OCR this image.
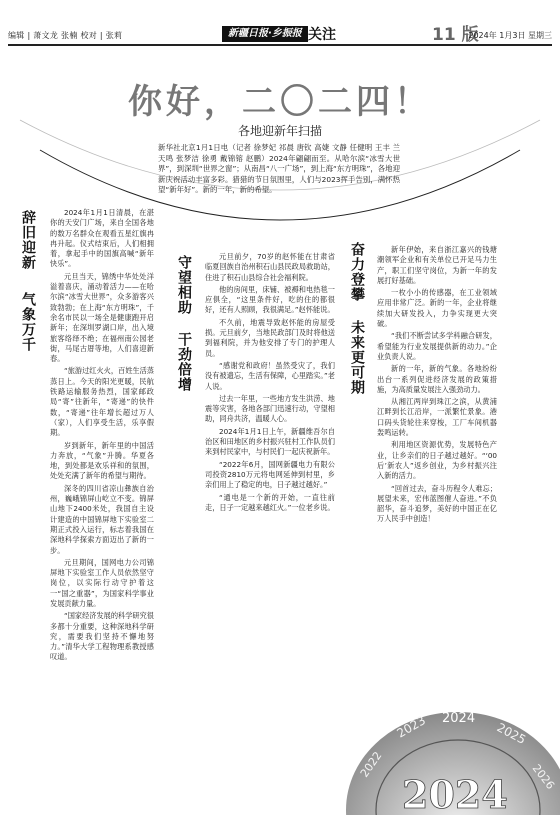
编辑 | 萧文龙 张楠 校对 | 张莉	新疆日报·乡振报 关注	11 版
2024年 1月3日 星期三
你好，二〇二四！
各地迎新年扫描
新华社北京1月1日电（记者 徐梦妃 祁晨 唐钦 高婕 文静 任健明 王丰 兰天鸣 张梦洁 徐勇 戴锦镕 赵鹏）2024年翩翩而至。从哈尔滨“冰雪大世界”，到深圳“世界之窗”；从南昌“八一广场”，到上海“东方明珠”，各地迎新庆祝活动丰富多彩。猎猎的节日氛围里，人们与2023挥手告别，满怀热望“新年好”。新的一年，新的希望。
辞旧迎新
气象万千

2024年1月1日清晨，在湛你的天安门广场，来自全国各地的数万名群众在观看五星红旗冉冉升起。仪式结束后，人们相拥着，拿起手中的国旗高喊“新年快乐”。

元旦当天，锦绣中华处处洋溢着喜庆，涌动着活力——在哈尔滨“冰雪大世界”，众多游客兴致勃勃；在上海“东方明珠”，千余名市民以一场全是健康跑开启新年；在深圳罗湖口岸，出入境旅客络绎不绝；在福州南公园老街，马尾古厝等地，人们喜迎新春。

“旅游过红火火，百姓生活蒸蒸日上。今天的阳光更暖，民航铁路运输服务热烈，国家邮政局“寄”往新年，“寄递”的快件数，“寄递”往年增长超过万人（家），人们享受生活，乐享假期。

岁到新年，新年里的中国活力奔放，“气象”升腾。华夏各地，到处都是欢乐祥和的氛围，处处充满了新年的希望与期待。

深冬的四川省凉山彝族自治州，巍峨锦屏山屹立不变。锦屏山地下2400米处，我国自主设计建造的中国锦屏地下实验室二期正式投入运行，标志着我国在深地科学探索方面迈出了新的一步。

元旦期间，国网电力公司锦屏地下实验室工作人员依然坚守岗位，以实际行动守护着这一“国之重器”，为国家科学事业发展贡献力量。

“国家经济发展的科学研究很多都十分重要，这种深地科学研究，需要我们坚持不懈地努力。”清华大学工程物理系教授感叹道。

守望相助
干劲倍增

元旦前夕，70岁的赵怀能在甘肃省临夏回族自治州积石山县民政局救助站，住进了积石山县综合社会福利院。

他的房间里，床铺、被褥和电热毯一应俱全，“这里条件好，吃的住的都很好，还有人照顾，我很满足。”赵怀能说。

不久前，地震导致赵怀能的房屋受损。元旦前夕，当地民政部门及时将他送到福利院，并为他安排了专门的护理人员。

“感谢党和政府！虽然受灾了，我们没有被遗忘，生活有保障，心里踏实。”老人说。

过去一年里，一些地方发生洪涝、地震等灾害，各地各部门迅速行动，守望相助，同舟共济，温暖人心。

2024年1月1日上午，新疆维吾尔自治区和田地区的乡村振兴驻村工作队员们来到村民家中，与村民们一起庆祝新年。

“2022年6月，国网新疆电力有限公司投资2810万元将电网延伸到村里，乡亲们用上了稳定的电，日子越过越好。”

“通电是一个新的开始，一直往前走，日子一定越来越红火。”一位老乡说。

奋力登攀
未来更可期

新年伊始，来自浙江嘉兴的钱塘潮领军企业和有关单位已开足马力生产，职工们坚守岗位，为新一年的发展打好基础。

一枚小小的传感器，在工业领域应用非常广泛。新的一年，企业将继续加大研发投入，力争实现更大突破。

“我们不断尝试多学科融合研发，希望能为行业发展提供新的动力。”企业负责人说。

新的一年，新的气象。各地纷纷出台一系列促进经济发展的政策措施，为高质量发展注入强劲动力。

从湘江两岸到珠江之滨，从黄浦江畔到长江沿岸，一派繁忙景象。港口码头货轮往来穿梭，工厂车间机器轰鸣运转。

利用地区资源优势，发展特色产业，让乡亲们的日子越过越好。“‘00后’新农人”返乡创业，为乡村振兴注入新的活力。

“回首过去，奋斗历程令人难忘；展望未来，宏伟蓝图催人奋进。”不负韶华，奋斗追梦，美好的中国正在亿万人民手中创造！

2022
2023 2024
2025
2026
2024
